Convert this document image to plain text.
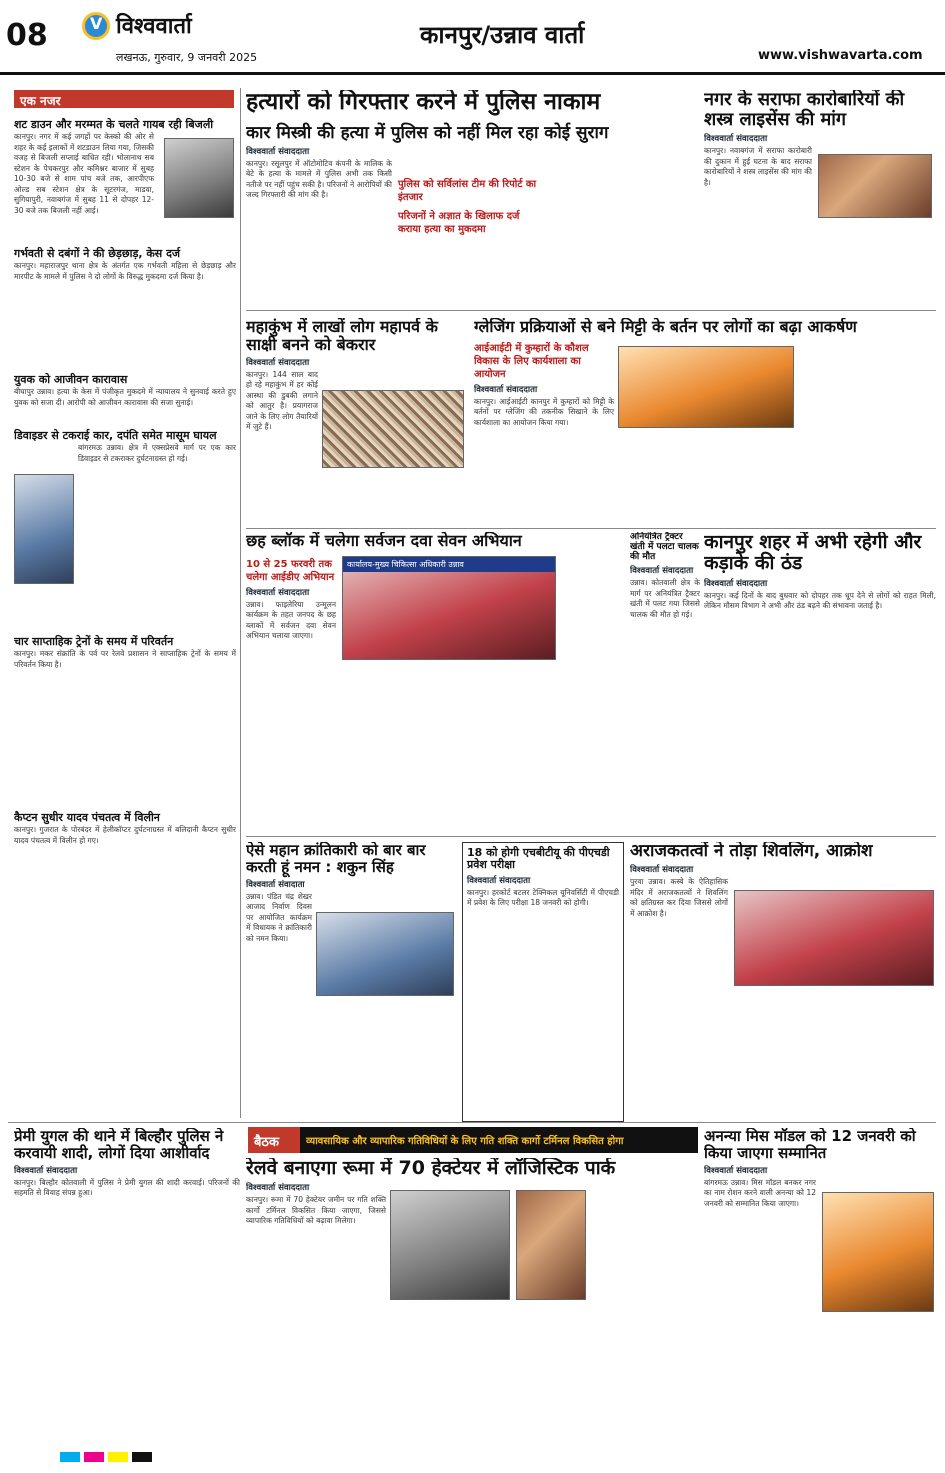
08	V विश्ववार्ता
लखनऊ, गुरुवार, 9 जनवरी 2025
कानपुर/उन्नाव वार्ता
www.vishwavarta.com
एक नजर
शट डाउन और मरम्मत के चलते गायब रही बिजली
कानपुर। नगर में कई जगहों पर केस्को की ओर से शहर के कई इलाकों में शटडाउन लिया गया, जिसकी वजह से बिजली सप्लाई बाधित रही। भोलानाथ सब स्टेशन के पेचकरपुर और कमिश्नर बाजार में सुबह 10-30 बजे से शाम पांच बजे तक, आरपीएफ ओल्ड सब स्टेशन क्षेत्र के सूटरगंज, माडवा, सुगियापुरी, नवाबगंज में सुबह 11 से दोपहर 12-30 बजे तक बिजली नहीं आई।
गर्भवती से दबंगों ने की छेड़छाड़, केस दर्ज
कानपुर। महाराजपुर थाना क्षेत्र के अंतर्गत एक गर्भवती महिला से छेड़छाड़ और मारपीट के मामले में पुलिस ने दो लोगों के विरुद्ध मुकदमा दर्ज किया है।
युवक को आजीवन कारावास
बीघापुर उन्नाव। हत्या के केस में पंजीकृत मुकदमे में न्यायालय ने सुनवाई करते हुए युवक को सजा दी। आरोपी को आजीवन कारावास की सजा सुनाई।
डिवाइडर से टकराई कार, दपंति समेत मासूम घायल
बांगरमऊ उन्नाव। क्षेत्र में एक्सप्रेसवे मार्ग पर एक कार डिवाइडर से टकराकर दुर्घटनाग्रस्त हो गई।
चार साप्ताहिक ट्रेनों के समय में परिवर्तन
कानपुर। मकर संक्रांति के पर्व पर रेलवे प्रशासन ने साप्ताहिक ट्रेनों के समय में परिवर्तन किया है।
कैप्टन सुधीर यादव पंचतत्व में विलीन
कानपुर। गुजरात के पोरबंदर में हेलीकॉप्टर दुर्घटनाग्रस्त में बलिदानी कैप्टन सुधीर यादव पंचतत्व में विलीन हो गए।
हत्यारों को गिरफ्तार करने में पुलिस नाकाम
कार मिस्त्री की हत्या में पुलिस को नहीं मिल रहा कोई सुराग
विश्ववार्ता संवाददाता
पुलिस को सर्विलांस टीम की रिपोर्ट का इंतजार
परिजनों ने अज्ञात के खिलाफ दर्ज कराया हत्या का मुकदमा
कानपुर। रसूलपुर में ऑटोमोटिव कंपनी के मालिक के बेटे के हत्या के मामले में पुलिस अभी तक किसी नतीजे पर नहीं पहुंच सकी है। परिजनों ने आरोपियों की जल्द गिरफ्तारी की मांग की है।
नगर के सराफा कारोबारियों की शस्त्र लाइसेंस की मांग
विश्ववार्ता संवाददाता
कानपुर। नवाबगंज में सराफा कारोबारी की दुकान में हुई घटना के बाद सराफा कारोबारियों ने शस्त्र लाइसेंस की मांग की है।
महाकुंभ में लाखों लोग महापर्व के साक्षी बनने को बेकरार
विश्ववार्ता संवाददाता
कानपुर। 144 साल बाद हो रहे महाकुंभ में हर कोई आस्था की डुबकी लगाने को आतुर है। प्रयागराज जाने के लिए लोग तैयारियों में जुटे हैं।
ग्लेजिंग प्रक्रियाओं से बने मिट्टी के बर्तन पर लोगों का बढ़ा आकर्षण
आईआईटी में कुम्हारों के कौशल विकास के लिए कार्यशाला का आयोजन
विश्ववार्ता संवाददाता
कानपुर। आईआईटी कानपुर में कुम्हारों को मिट्टी के बर्तनों पर ग्लेजिंग की तकनीक सिखाने के लिए कार्यशाला का आयोजन किया गया।
छह ब्लॉक में चलेगा सर्वजन दवा सेवन अभियान
10 से 25 फरवरी तक चलेगा आईडीए अभियान
कार्यालय-मुख्य चिकित्सा अधिकारी उन्नाव
विश्ववार्ता संवाददाता
उन्नाव। फाइलेरिया उन्मूलन कार्यक्रम के तहत जनपद के छह ब्लाकों में सर्वजन दवा सेवन अभियान चलाया जाएगा।
अनियंत्रित ट्रैक्टर खंती में पलटा चालक की मौत
विश्ववार्ता संवाददाता
उन्नाव। कोतवाली क्षेत्र के मार्ग पर अनियंत्रित ट्रैक्टर खंती में पलट गया जिससे चालक की मौत हो गई।
कानपुर शहर में अभी रहेगी और कड़ाके की ठंड
विश्ववार्ता संवाददाता
कानपुर। कई दिनों के बाद बुधवार को दोपहर तक धूप देने से लोगों को राहत मिली, लेकिन मौसम विभाग ने अभी और ठंड बढ़ने की संभावना जताई है।
ऐसे महान क्रांतिकारी को बार बार करती हूं नमन : शकुन सिंह
विश्ववार्ता संवादाता
उन्नाव। पंडित चंद्र शेखर आजाद निर्वाण दिवस पर आयोजित कार्यक्रम में विधायक ने क्रांतिकारी को नमन किया।
18 को होगी एचबीटीयू की पीएचडी प्रवेश परीक्षा
विश्ववार्ता संवाददाता
कानपुर। हरकोर्ट बटलर टेक्निकल यूनिवर्सिटी में पीएचडी में प्रवेश के लिए परीक्षा 18 जनवरी को होगी।
अराजकतत्वों ने तोड़ा शिवलिंग, आक्रोश
विश्ववार्ता संवाददाता
पुरवा उन्नाव। कस्बे के ऐतिहासिक मंदिर में अराजकतत्वों ने शिवलिंग को क्षतिग्रस्त कर दिया जिससे लोगों में आक्रोश है।
प्रेमी युगल की थाने में बिल्हौर पुलिस ने करवायी शादी, लोगों दिया आशीर्वाद
विश्ववार्ता संवाददाता
कानपुर। बिल्हौर कोतवाली में पुलिस ने प्रेमी युगल की शादी करवाई। परिजनों की सहमति से विवाह संपन्न हुआ।
बैठक	व्यावसायिक और व्यापारिक गतिविधियों के लिए गति शक्ति कार्गो टर्मिनल विकसित होगा
रेलवे बनाएगा रूमा में 70 हेक्टेयर में लॉजिस्टिक पार्क
विश्ववार्ता संवाददाता
कानपुर। रूमा में 70 हेक्टेयर जमीन पर गति शक्ति कार्गो टर्मिनल विकसित किया जाएगा, जिससे व्यापारिक गतिविधियों को बढ़ावा मिलेगा।
अनन्या मिस मॉडल को 12 जनवरी को किया जाएगा सम्मानित
विश्ववार्ता संवाददाता
बांगरमऊ उन्नाव। मिस मॉडल बनकर नगर का नाम रोशन करने वाली अनन्या को 12 जनवरी को सम्मानित किया जाएगा।
